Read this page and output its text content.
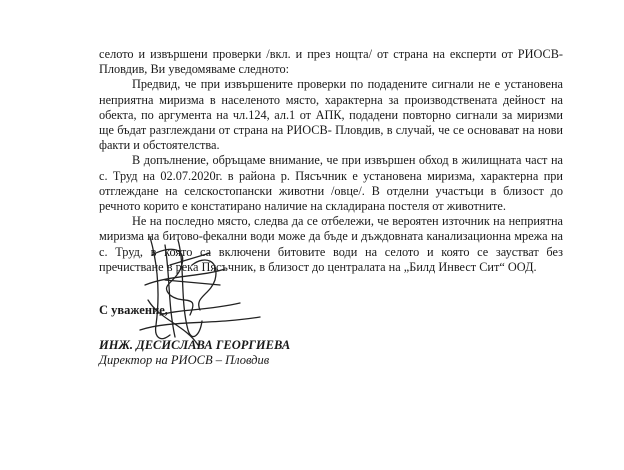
селото и извършени проверки /вкл. и през нощта/ от страна на експерти от РИОСВ- Пловдив, Ви уведомяваме следното:

Предвид, че при извършените проверки по подадените сигнали не е установена неприятна миризма в населеното място, характерна за производствената дейност на обекта, по аргумента на чл.124, ал.1 от АПК, подадени повторно сигнали за миризми ще бъдат разглеждани от страна на РИОСВ- Пловдив, в случай, че се основават на нови факти и обстоятелства.

В допълнение, обръщаме внимание, че при извършен обход в жилищната част на с. Труд на 02.07.2020г. в района р. Пясъчник е установена миризма, характерна при отглеждане на селскостопански животни /овце/. В отделни участъци в близост до речното корито е констатирано наличие на складирана постеля от животните.

Не на последно място, следва да се отбележи, че вероятен източник на неприятна миризма на битово-фекални води може да бъде и дъждовната канализационна мрежа на с. Труд, в която са включени битовите води на селото и която се заустват без пречистване в река Пясъчник, в близост до централата на „Билд Инвест Сит“ ООД.

С уважение,
ИНЖ. ДЕСИСЛАВА ГЕОРГИЕВА
Директор на РИОСВ – Пловдив
